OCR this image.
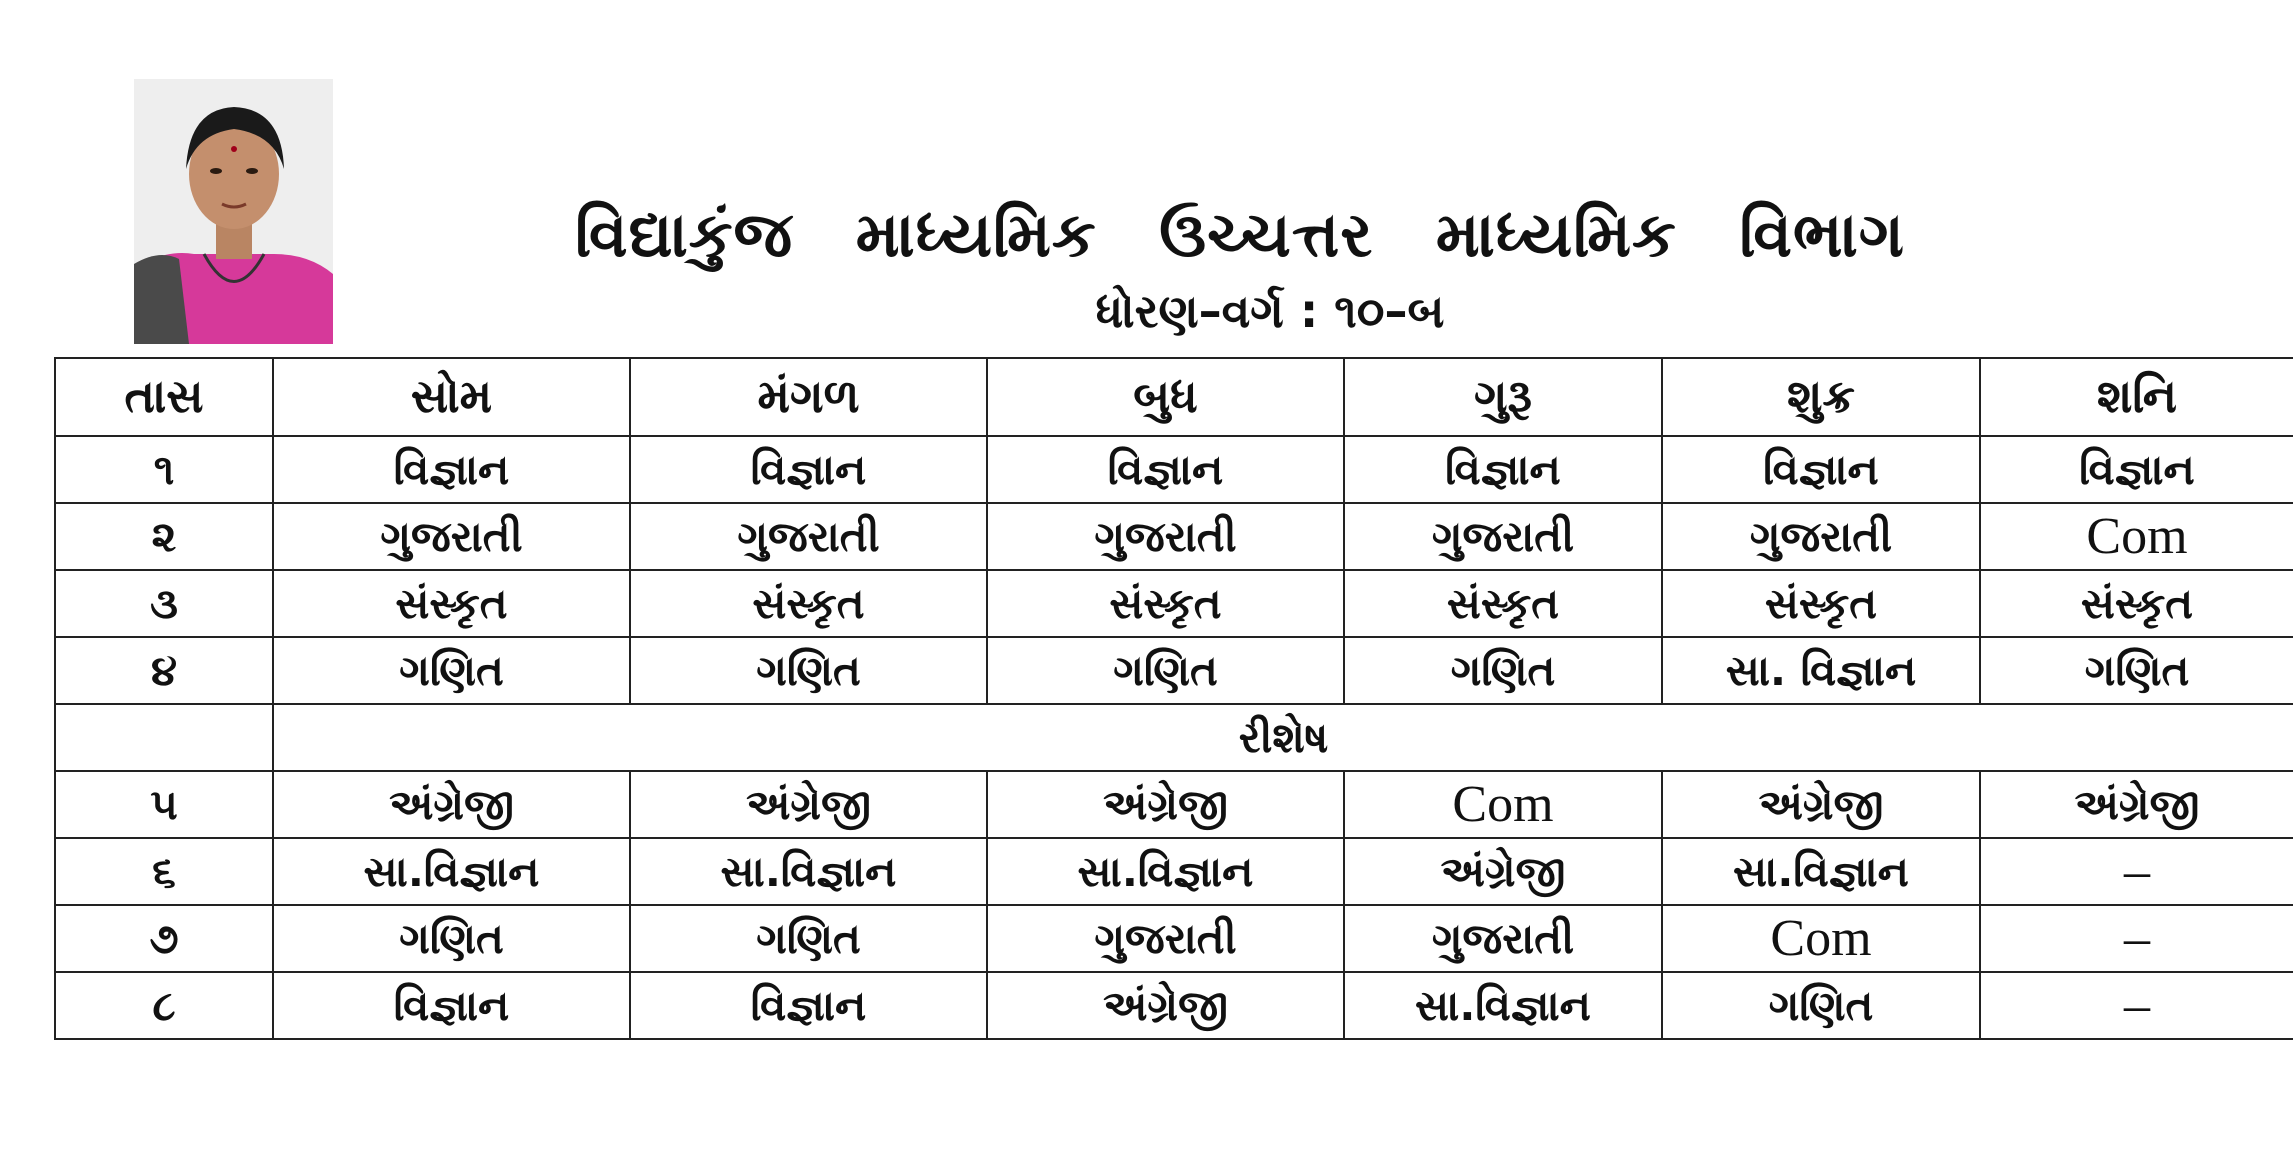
વિદ્યાકુંજ માધ્યમિક ઉચ્ચત્તર માધ્યમિક વિભાગ
ધોરણ–વર્ગ : ૧૦–બ
તાસ	સોમ	મંગળ	બુધ	ગુરૂ	શુક્ર	શનિ
૧	વિજ્ઞાન	વિજ્ઞાન	વિજ્ઞાન	વિજ્ઞાન	વિજ્ઞાન	વિજ્ઞાન
૨	ગુજરાતી	ગુજરાતી	ગુજરાતી	ગુજરાતી	ગુજરાતી	Com
૩	સંસ્કૃત	સંસ્કૃત	સંસ્કૃત	સંસ્કૃત	સંસ્કૃત	સંસ્કૃત
૪	ગણિત	ગણિત	ગણિત	ગણિત	સા. વિજ્ઞાન	ગણિત
	રીશેષ					
૫	અંગ્રેજી	અંગ્રેજી	અંગ્રેજી	Com	અંગ્રેજી	અંગ્રેજી
૬	સા.વિજ્ઞાન	સા.વિજ્ઞાન	સા.વિજ્ઞાન	અંગ્રેજી	સા.વિજ્ઞાન	–
૭	ગણિત	ગણિત	ગુજરાતી	ગુજરાતી	Com	–
૮	વિજ્ઞાન	વિજ્ઞાન	અંગ્રેજી	સા.વિજ્ઞાન	ગણિત	–
